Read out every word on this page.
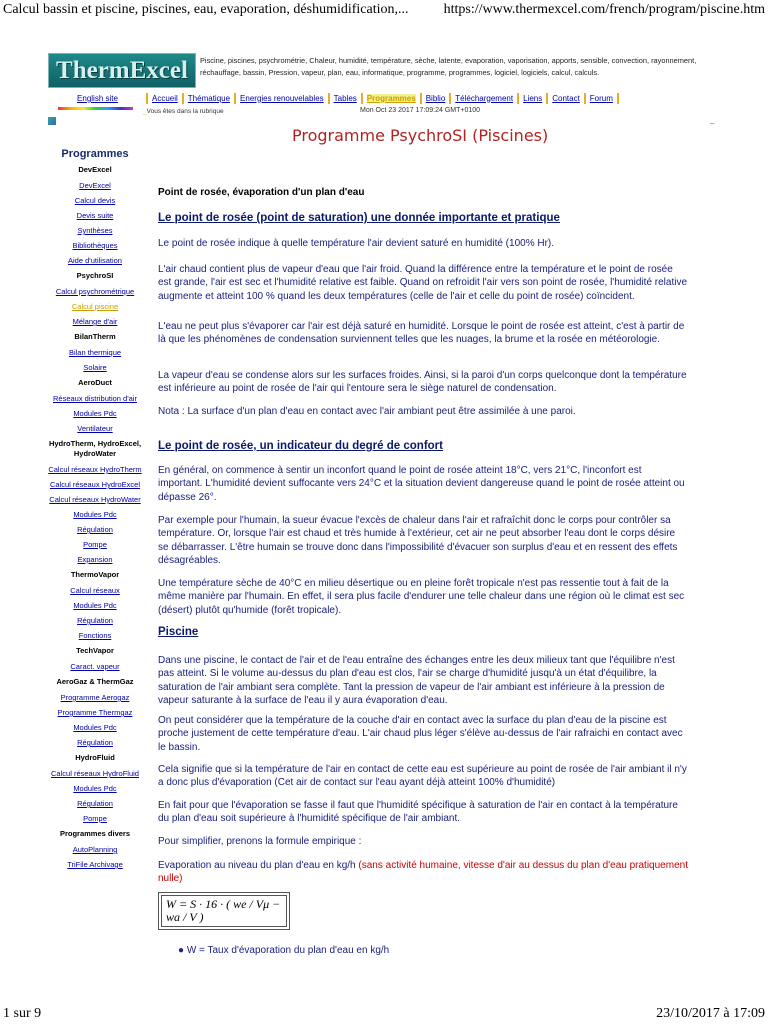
Calcul bassin et piscine, piscines, eau, evaporation, déshumidification,...	https://www.thermexcel.com/french/program/piscine.htm
ThermExcel Piscine, piscines, psychrométrie, Chaleur, humidité, température, sèche, latente, evaporation, vaporisation, apports, sensible, convection, rayonnement, réchauffage, bassin, Pression, vapeur, plan, eau, informatique, programme, programmes, logiciel, logiciels, calcul, calculs.
English site
–
Accueil Thématique Energies renouvelables Tables Programmes Biblio Téléchargement Liens Contact Forum
_Vous êtes dans la rubrique	Mon Oct 23 2017 17:09:24 GMT+0100
Programme PsychroSI (Piscines)
Programmes
DevExcel
DevExcel
Calcul devis
Devis suite
Synthèses
Bibliothèques
Aide d'utilisation
PsychroSI
Calcul psychrométrique
Calcul piscine
Mélange d'air
BilanTherm
Bilan thermique
Solaire
AeroDuct
Réseaux distribution d'air
Modules Pdc
Ventilateur
HydroTherm, HydroExcel, HydroWater
Calcul réseaux HydroTherm
Calcul réseaux HydroExcel
Calcul réseaux HydroWater
Modules Pdc
Régulation
Pompe
Expansion
ThermoVapor
Calcul réseaux
Modules Pdc
Régulation
Fonctions
TechVapor
Caract. vapeur
AeroGaz & ThermGaz
Programme Aerogaz
Programme Thermgaz
Modules Pdc
Régulation
HydroFluid
Calcul réseaux HydroFluid
Modules Pdc
Régulation
Pompe
Programmes divers
AutoPlanning
TriFile Archivage

Point de rosée, évaporation d'un plan d'eau

Le point de rosée (point de saturation) une donnée importante et pratique

Le point de rosée indique à quelle température l'air devient saturé en humidité (100% Hr).

L'air chaud contient plus de vapeur d'eau que l'air froid. Quand la différence entre la température et le point de rosée est grande, l'air est sec et l'humidité relative est faible. Quand on refroidit l'air vers son point de rosée, l'humidité relative augmente et atteint 100 % quand les deux températures (celle de l'air et celle du point de rosée) coïncident.

L'eau ne peut plus s'évaporer car l'air est déjà saturé en humidité. Lorsque le point de rosée est atteint, c'est à partir de là que les phénomènes de condensation surviennent telles que les nuages, la brume et la rosée en météorologie.

La vapeur d'eau se condense alors sur les surfaces froides. Ainsi, si la paroi d'un corps quelconque dont la température est inférieure au point de rosée de l'air qui l'entoure sera le siège naturel de condensation.

Nota : La surface d'un plan d'eau en contact avec l'air ambiant peut être assimilée à une paroi.

Le point de rosée, un indicateur du degré de confort

En général, on commence à sentir un inconfort quand le point de rosée atteint 18°C, vers 21°C, l'inconfort est important. L'humidité devient suffocante vers 24°C et la situation devient dangereuse quand le point de rosée atteint ou dépasse 26°.

Par exemple pour l'humain, la sueur évacue l'excès de chaleur dans l'air et rafraîchit donc le corps pour contrôler sa température. Or, lorsque l'air est chaud et très humide à l'extérieur, cet air ne peut absorber l'eau dont le corps désire se débarrasser. L'être humain se trouve donc dans l'impossibilité d'évacuer son surplus d'eau et en ressent des effets désagréables.

Une température sèche de 40°C en milieu désertique ou en pleine forêt tropicale n'est pas ressentie tout à fait de la même manière par l'humain. En effet, il sera plus facile d'endurer une telle chaleur dans une région où le climat est sec (désert) plutôt qu'humide (forêt tropicale).

Piscine

Dans une piscine, le contact de l'air et de l'eau entraîne des échanges entre les deux milieux tant que l'équilibre n'est pas atteint. Si le volume au-dessus du plan d'eau est clos, l'air se charge d'humidité jusqu'à un état d'équilibre, la saturation de l'air ambiant sera complète. Tant la pression de vapeur de l'air ambiant est inférieure à la pression de vapeur saturante à la surface de l'eau il y aura évaporation d'eau.

On peut considérer que la température de la couche d'air en contact avec la surface du plan d'eau de la piscine est proche justement de cette température d'eau. L'air chaud plus léger s'élève au-dessus de l'air rafraichi en contact avec le bassin.

Cela signifie que si la température de l'air en contact de cette eau est supérieure au point de rosée de l'air ambiant il n'y a donc plus d'évaporation (Cet air de contact sur l'eau ayant déjà atteint 100% d'humidité)

En fait pour que l'évaporation se fasse il faut que l'humidité spécifique à saturation de l'air en contact à la température du plan d'eau soit supérieure à l'humidité spécifique de l'air ambiant.

Pour simplifier, prenons la formule empirique :

Evaporation au niveau du plan d'eau en kg/h (sans activité humaine, vitesse d'air au dessus du plan d'eau pratiquement nulle)

W = S · 16 · ( we / Vμ − wa / V )
● W = Taux d'évaporation du plan d'eau en kg/h
1 sur 9	23/10/2017 à 17:09
